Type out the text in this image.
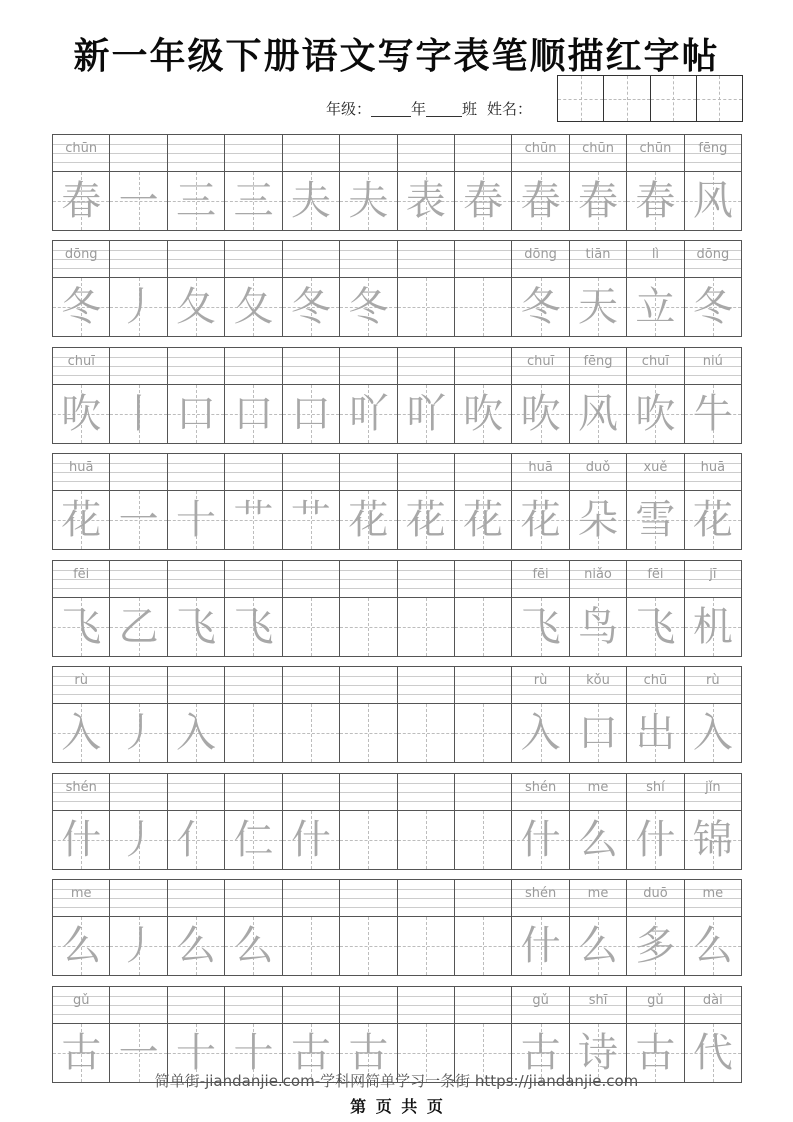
新一年级下册语文写字表笔顺描红字帖
年级：	年 班 姓名：
chūn	chūn	chūn	chūn	fēng
春 一 三 三 夫 夫 表 春 春 春 春 风
dōng	dōng	tiān	lì	dōng
冬 丿 夂 夂 冬 冬	冬 天 立 冬
chuī	chuī	fēng	chuī	niú
吹 丨 口 口 口 吖 吖 吹 吹 风 吹 牛
huā	huā	duǒ	xuě	huā
花 一 十 艹 艹 花 花 花 花 朵 雪 花
fēi	fēi	niǎo	fēi	jī
飞 乙 飞 飞	飞 鸟 飞 机
rù	rù	kǒu	chū	rù
入 丿 入	入 口 出 入
shén	shén	me	shí	jǐn
什 丿 亻 仁 什	什 么 什 锦
me	shén	me	duō	me
么 丿 么 么	什 么 多 么
gǔ	gǔ	shī	gǔ	dài
古 一 十 十 古 古	古 诗 古 代
简单街-jiandanjie.com-学科网简单学习一条街 https://jiandanjie.com
第 页 共 页
